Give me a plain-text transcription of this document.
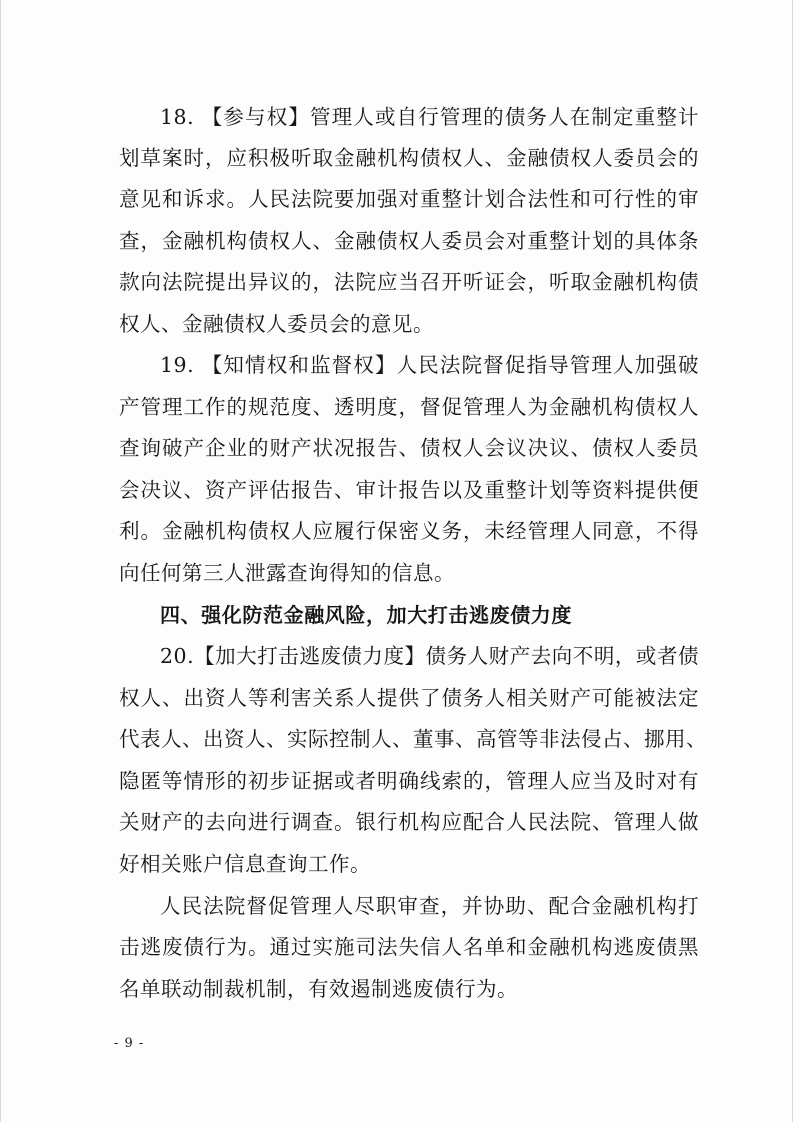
18. 【参与权】管理人或自行管理的债务人在制定重整计
划草案时，应积极听取金融机构债权人、金融债权人委员会的
意见和诉求。人民法院要加强对重整计划合法性和可行性的审
查，金融机构债权人、金融债权人委员会对重整计划的具体条
款向法院提出异议的，法院应当召开听证会，听取金融机构债
权人、金融债权人委员会的意见。
19. 【知情权和监督权】人民法院督促指导管理人加强破
产管理工作的规范度、透明度，督促管理人为金融机构债权人
查询破产企业的财产状况报告、债权人会议决议、债权人委员
会决议、资产评估报告、审计报告以及重整计划等资料提供便
利。金融机构债权人应履行保密义务，未经管理人同意，不得
向任何第三人泄露查询得知的信息。
四、强化防范金融风险，加大打击逃废债力度
20.【加大打击逃废债力度】债务人财产去向不明，或者债
权人、出资人等利害关系人提供了债务人相关财产可能被法定
代表人、出资人、实际控制人、董事、高管等非法侵占、挪用、
隐匿等情形的初步证据或者明确线索的，管理人应当及时对有
关财产的去向进行调查。银行机构应配合人民法院、管理人做
好相关账户信息查询工作。
人民法院督促管理人尽职审查，并协助、配合金融机构打
击逃废债行为。通过实施司法失信人名单和金融机构逃废债黑
名单联动制裁机制，有效遏制逃废债行为。
- 9 -
